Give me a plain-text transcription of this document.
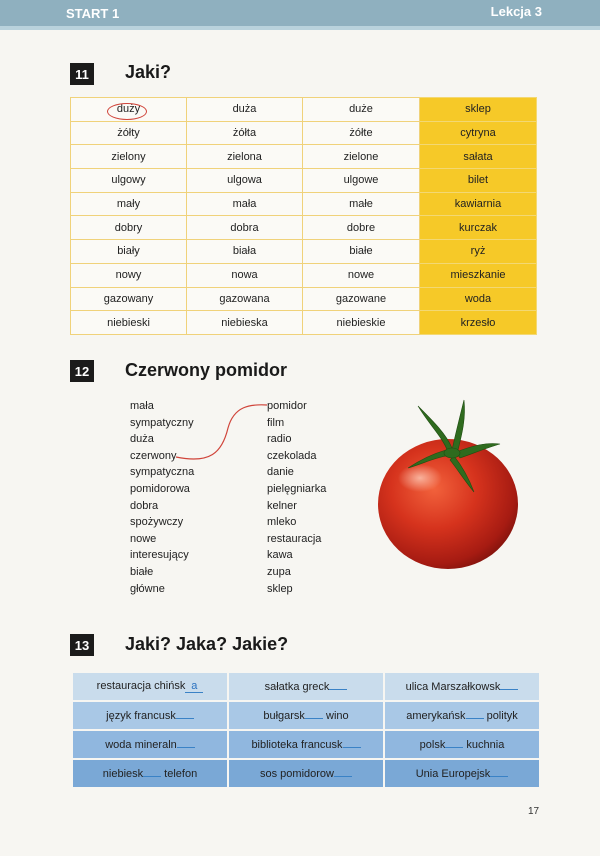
START 1	Lekcja 3
11 Jaki?
duży	duża	duże	sklep
żółty	żółta	żółte	cytryna
zielony	zielona	zielone	sałata
ulgowy	ulgowa	ulgowe	bilet
mały	mała	małe	kawiarnia
dobry	dobra	dobre	kurczak
biały	biała	białe	ryż
nowy	nowa	nowe	mieszkanie
gazowany	gazowana	gazowane	woda
niebieski	niebieska	niebieskie	krzesło
12 Czerwony pomidor
mała
sympatyczny
duża
czerwony
sympatyczna
pomidorowa
dobra
spożywczy
nowe
interesujący
białe
główne
pomidor
film
radio
czekolada
danie
pielęgniarka
kelner
mleko
restauracja
kawa
zupa
sklep
13 Jaki? Jaka? Jakie?
restauracja chińsk a	sałatka greck	ulica Marszałkowsk
język francusk	bułgarsk wino	amerykańsk polityk
woda mineraln	biblioteka francusk	polsk kuchnia
niebiesk telefon	sos pomidorow	Unia Europejsk
17
